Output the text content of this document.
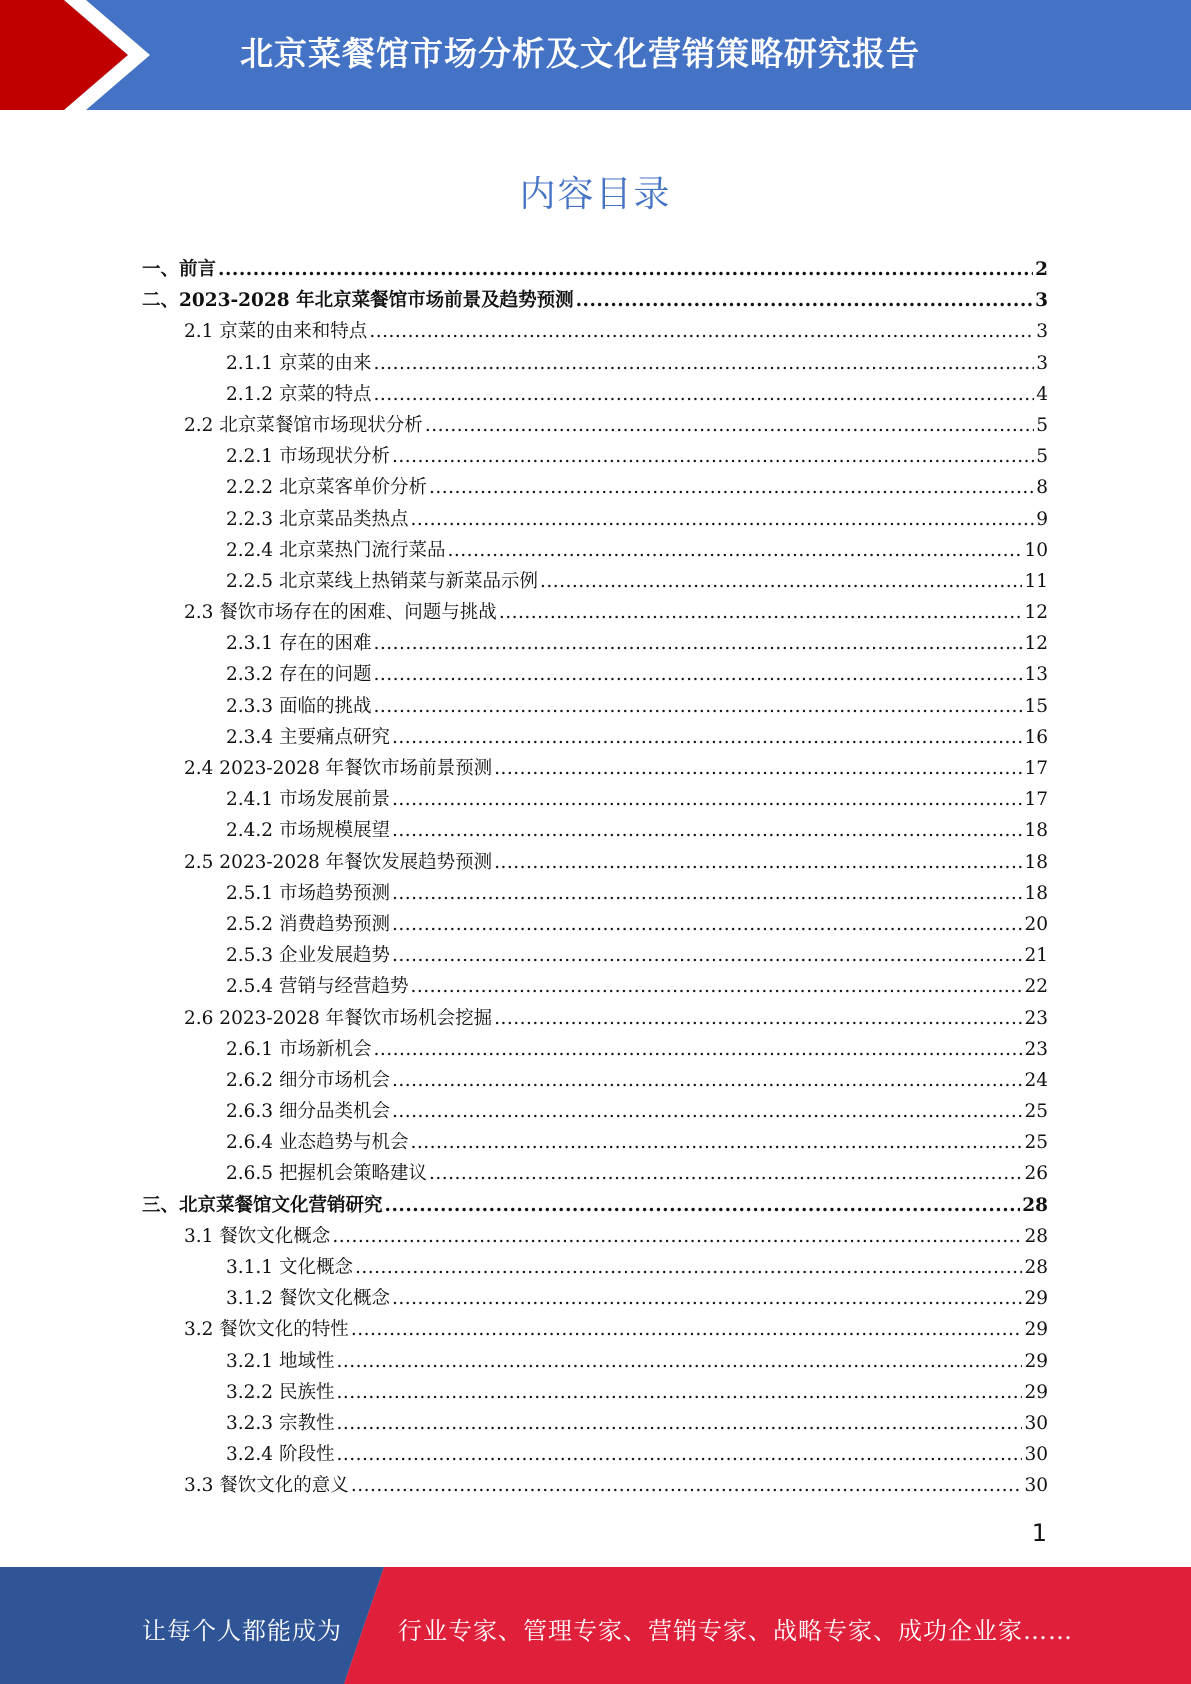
北京菜餐馆市场分析及文化营销策略研究报告
内容目录
一、前言 .....	2
二、2023-2028 年北京菜餐馆市场前景及趋势预测 .....	3
2.1 京菜的由来和特点 .....	3
2.1.1 京菜的由来 .....	3
2.1.2 京菜的特点 .....	4
2.2 北京菜餐馆市场现状分析 .....	5
2.2.1 市场现状分析 .....	5
2.2.2 北京菜客单价分析 .....	8
2.2.3 北京菜品类热点 .....	9
2.2.4 北京菜热门流行菜品 .....	10
2.2.5 北京菜线上热销菜与新菜品示例 .....	11
2.3 餐饮市场存在的困难、问题与挑战 .....	12
2.3.1 存在的困难 .....	12
2.3.2 存在的问题 .....	13
2.3.3 面临的挑战 .....	15
2.3.4 主要痛点研究 .....	16
2.4 2023-2028 年餐饮市场前景预测 .....	17
2.4.1 市场发展前景 .....	17
2.4.2 市场规模展望 .....	18
2.5 2023-2028 年餐饮发展趋势预测 .....	18
2.5.1 市场趋势预测 .....	18
2.5.2 消费趋势预测 .....	20
2.5.3 企业发展趋势 .....	21
2.5.4 营销与经营趋势 .....	22
2.6 2023-2028 年餐饮市场机会挖掘 .....	23
2.6.1 市场新机会 .....	23
2.6.2 细分市场机会 .....	24
2.6.3 细分品类机会 .....	25
2.6.4 业态趋势与机会 .....	25
2.6.5 把握机会策略建议 .....	26
三、北京菜餐馆文化营销研究 .....	28
3.1 餐饮文化概念 .....	28
3.1.1 文化概念 .....	28
3.1.2 餐饮文化概念 .....	29
3.2 餐饮文化的特性 .....	29
3.2.1 地域性 .....	29
3.2.2 民族性 .....	29
3.2.3 宗教性 .....	30
3.2.4 阶段性 .....	30
3.3 餐饮文化的意义 .....	30
1
让每个人都能成为 行业专家、管理专家、营销专家、战略专家、成功企业家……
